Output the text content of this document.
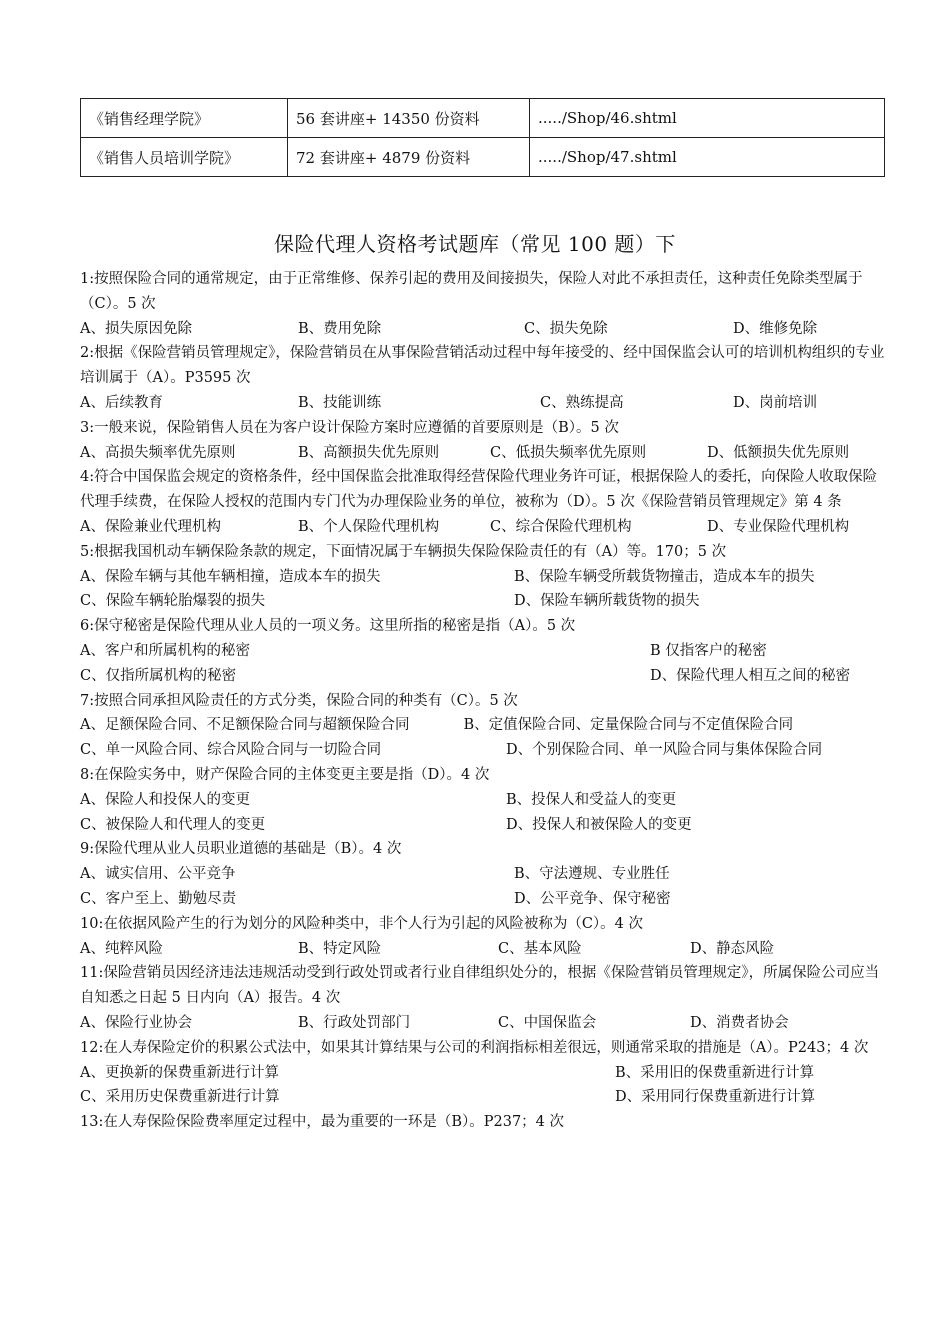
《销售经理学院》	56 套讲座+ 14350 份资料	...../Shop/46.shtml
《销售人员培训学院》	72 套讲座+ 4879 份资料	...../Shop/47.shtml
保险代理人资格考试题库（常见 100 题）下

1:按照保险合同的通常规定，由于正常维修、保养引起的费用及间接损失，保险人对此不承担责任，这种责任免除类型属于（C）。5 次

A、损失原因免除	B、费用免除	C、损失免除	D、维修免除

2:根据《保险营销员管理规定》，保险营销员在从事保险营销活动过程中每年接受的、经中国保监会认可的培训机构组织的专业培训属于（A）。P3595 次

A、后续教育	B、技能训练	C、熟练提高	D、岗前培训

3:一般来说，保险销售人员在为客户设计保险方案时应遵循的首要原则是（B）。5 次

A、高损失频率优先原则	B、高额损失优先原则	C、低损失频率优先原则	D、低额损失优先原则

4:符合中国保监会规定的资格条件，经中国保监会批准取得经营保险代理业务许可证，根据保险人的委托，向保险人收取保险代理手续费，在保险人授权的范围内专门代为办理保险业务的单位，被称为（D）。5 次《保险营销员管理规定》第 4 条

A、保险兼业代理机构	B、个人保险代理机构	C、综合保险代理机构	D、专业保险代理机构

5:根据我国机动车辆保险条款的规定，下面情况属于车辆损失保险保险责任的有（A）等。170；5 次

A、保险车辆与其他车辆相撞，造成本车的损失	B、保险车辆受所载货物撞击，造成本车的损失
C、保险车辆轮胎爆裂的损失	D、保险车辆所载货物的损失

6:保守秘密是保险代理从业人员的一项义务。这里所指的秘密是指（A）。5 次

A、客户和所属机构的秘密	B 仅指客户的秘密
C、仅指所属机构的秘密	D、保险代理人相互之间的秘密

7:按照合同承担风险责任的方式分类，保险合同的种类有（C）。5 次

A、足额保险合同、不足额保险合同与超额保险合同	B、定值保险合同、定量保险合同与不定值保险合同

C、单一风险合同、综合风险合同与一切险合同	D、个别保险合同、单一风险合同与集体保险合同

8:在保险实务中，财产保险合同的主体变更主要是指（D）。4 次

A、保险人和投保人的变更	B、投保人和受益人的变更
C、被保险人和代理人的变更	D、投保人和被保险人的变更

9:保险代理从业人员职业道德的基础是（B）。4 次

A、诚实信用、公平竞争	B、守法遵规、专业胜任
C、客户至上、勤勉尽责	D、公平竞争、保守秘密

10:在依据风险产生的行为划分的风险种类中，非个人行为引起的风险被称为（C）。4 次

A、纯粹风险	B、特定风险	C、基本风险	D、静态风险

11:保险营销员因经济违法违规活动受到行政处罚或者行业自律组织处分的，根据《保险营销员管理规定》，所属保险公司应当自知悉之日起 5 日内向（A）报告。4 次

A、保险行业协会	B、行政处罚部门	C、中国保监会	D、消费者协会

12:在人寿保险定价的积累公式法中，如果其计算结果与公司的利润指标相差很远，则通常采取的措施是（A）。P243；4 次

A、更换新的保费重新进行计算	B、采用旧的保费重新进行计算
C、采用历史保费重新进行计算	D、采用同行保费重新进行计算

13:在人寿保险保险费率厘定过程中，最为重要的一环是（B）。P237；4 次
